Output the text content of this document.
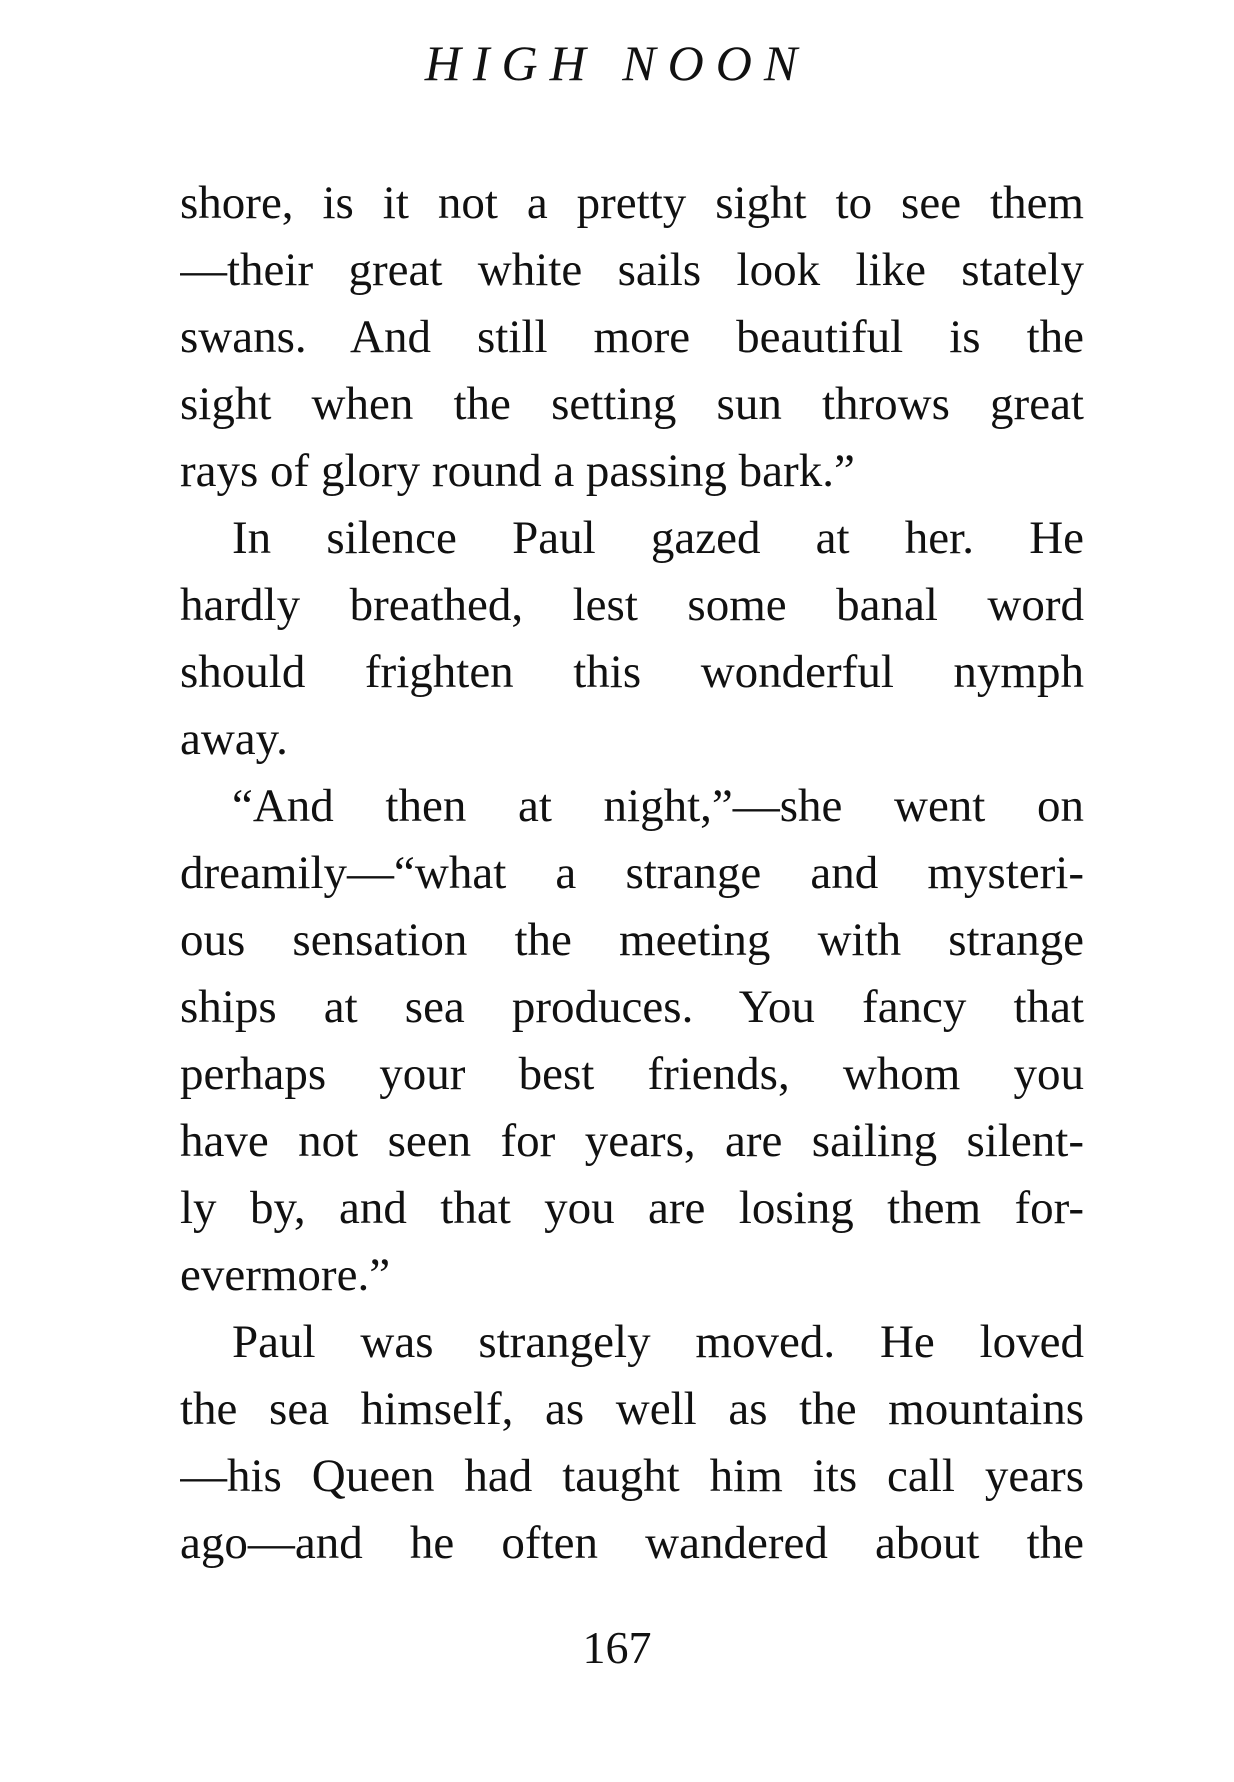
HIGH NOON
shore, is it not a pretty sight to see them
—their great white sails look like stately
swans. And still more beautiful is the
sight when the setting sun throws great
rays of glory round a passing bark.”
In silence Paul gazed at her. He
hardly breathed, lest some banal word
should frighten this wonderful nymph
away.
“And then at night,”—she went on
dreamily—“what a strange and mysteri-
ous sensation the meeting with strange
ships at sea produces. You fancy that
perhaps your best friends, whom you
have not seen for years, are sailing silent-
ly by, and that you are losing them for-
evermore.”
Paul was strangely moved. He loved
the sea himself, as well as the mountains
—his Queen had taught him its call years
ago—and he often wandered about the
167
